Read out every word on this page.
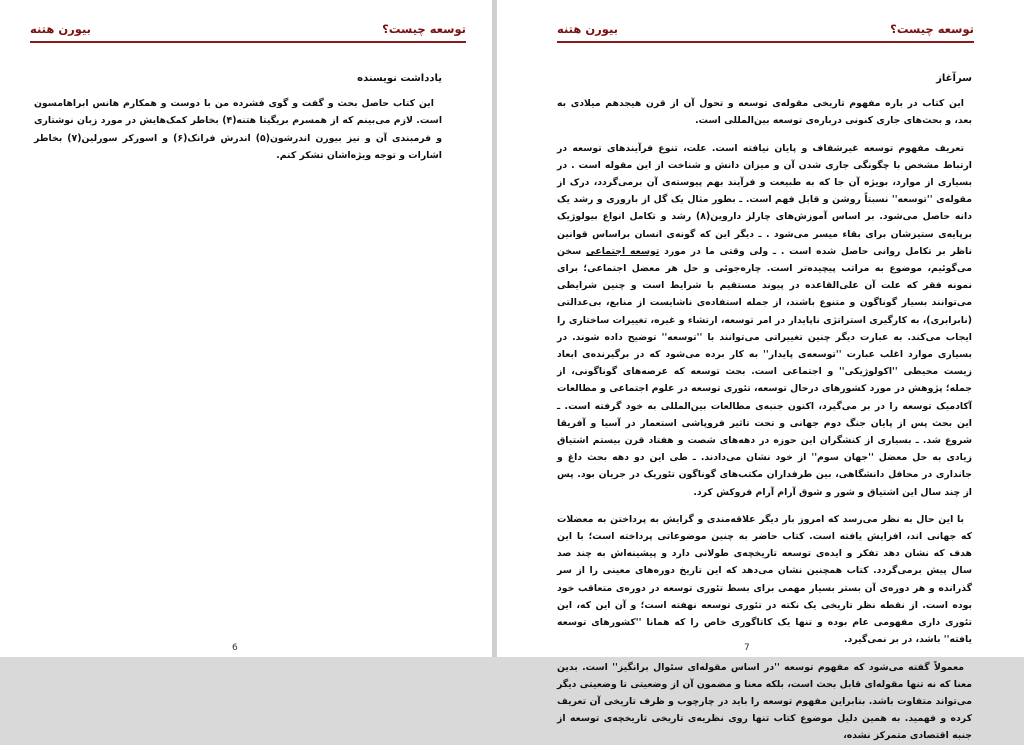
توسعه چیست؟
بیورن هتنه
یادداشت نویسنده

این کتاب حاصل بحث و گفت و گوی فشرده من با دوست و همکارم هانس ابراهامسون است. لازم می‌بینم که از همسرم بریگیتا هتنه(۴) بخاطر کمک‌هایش در مورد زبان نوشتاری و فرمبندی آن و نیز بیورن اندرشون(۵) اندرش فرانک(۶) و اسورکر سورلین(۷) بخاطر اشارات و توجه ویژه‌اشان تشکر کنم.

6
توسعه چیست؟
بیورن هتنه
سرآغاز

این کتاب در باره مفهوم تاریخی مقوله‌ی توسعه و تحول آن از قرن هیجدهم میلادی به بعد، و بحث‌های جاری کنونی درباره‌ی توسعه بین‌المللی است.

تعریف مفهوم توسعه غیرشفاف و پایان نیافته است. علت، تنوع فرآیندهای توسعه در ارتباط مشخص با چگونگی جاری شدن آن و میزان دانش و شناخت از این مقوله است . در بسیاری از موارد، بویژه آن جا که به طبیعت و فرآیند بهم پیوسته‌ی آن برمی‌گردد، درک از مقوله‌ی ''توسعه'' نسبتاً روشن و قابل فهم است. ـ بطور مثال یک گل از باروری و رشد یک دانه حاصل می‌شود. بر اساس آموزش‌های چارلز داروین(۸) رشد و تکامل انواع بیولوژیک برپایه‌ی ستیزشان برای بقاء میسر می‌شود . ـ دیگر این که گونه‌ی انسان براساس قوانین ناظر بر تکامل روانی حاصل شده است . ـ ولی وقتی ما در مورد توسعه اجتماعی سخن می‌گوئیم، موضوع به مراتب پیچیده‌تر است. چاره‌جوئی و حل هر معضل اجتماعی؛ برای نمونه فقر که علت آن علی‌القاعده در پیوند مستقیم با شرایط است و چنین شرایطی می‌توانند بسیار گوناگون و متنوع باشند، از جمله استفاده‌ی ناشایست از منابع، بی‌عدالتی (نابرابری)، به کارگیری استراتژی ناپایدار در امر توسعه، ارتشاء و غیره، تغییرات ساختاری را ایجاب می‌کند. به عبارت دیگر چنین تغییراتی می‌توانند با ''توسعه'' توضیح داده شوند. در بسیاری موارد اغلب عبارت ''توسعه‌ی پایدار'' به کار برده می‌شود که در برگیرنده‌ی ابعاد زیست محیطی ''اکولوژیکی'' و اجتماعی است. بحث توسعه که عرصه‌های گوناگونی، از جمله؛ پژوهش در مورد کشورهای درحال توسعه، تئوری توسعه در علوم اجتماعی و مطالعات آکادمیک توسعه را در بر می‌گیرد، اکنون جنبه‌ی مطالعات بین‌المللی به خود گرفته است. ـ این بحث پس از پایان جنگ دوم جهانی و تحت تاثیر فروپاشی استعمار در آسیا و آفریقا شروع شد. ـ بسیاری از کنشگران این حوزه در دهه‌های شصت و هفتاد قرن بیستم اشتیاق زیادی به حل معضل ''جهان سوم'' از خود نشان می‌دادند. ـ طی این دو دهه بحث داغ و جانداری در محافل دانشگاهی، بین طرفداران مکتب‌های گوناگون تئوریک در جریان بود. پس از چند سال این اشتیاق و شور و شوق آرام آرام فروکش کرد.

با این حال به نظر می‌رسد که امروز بار دیگر علاقه‌مندی و گرایش به پرداختن به معضلات که جهانی اند، افزایش یافته است. کتاب حاضر به چنین موضوعاتی پرداخته است؛ با این هدف که نشان دهد تفکر و ایده‌ی توسعه تاریخچه‌ی طولانی دارد و پیشینه‌اش به چند صد سال پیش برمی‌گردد. کتاب همچنین نشان می‌دهد که این تاریخ دوره‌های معینی را از سر گذرانده و هر دوره‌ی آن بستر بسیار مهمی برای بسط تئوری توسعه در دوره‌ی متعاقب خود بوده است. از نقطه نظر تاریخی یک نکته در تئوری توسعه نهفته است؛ و آن این که، این تئوری داری مفهومی عام بوده و تنها یک کاتاگوری خاص را که همانا ''کشورهای توسعه یافته'' باشد، در بر نمی‌گیرد.

معمولاً گفته می‌شود که مفهوم توسعه ''در اساس مقوله‌ای سئوال برانگیز'' است. بدین معنا که نه تنها مقوله‌ای قابل بحث است، بلکه معنا و مضمون آن از وضعیتی تا وضعیتی دیگر می‌تواند متفاوت باشد. بنابراین مفهوم توسعه را باید در چارچوب و ظرف تاریخی آن تعریف کرده و فهمید. به همین دلیل موضوع کتاب تنها روی نظریه‌ی تاریخی تاریخچه‌ی توسعه از جنبه اقتصادی متمرکز نشده،

7
